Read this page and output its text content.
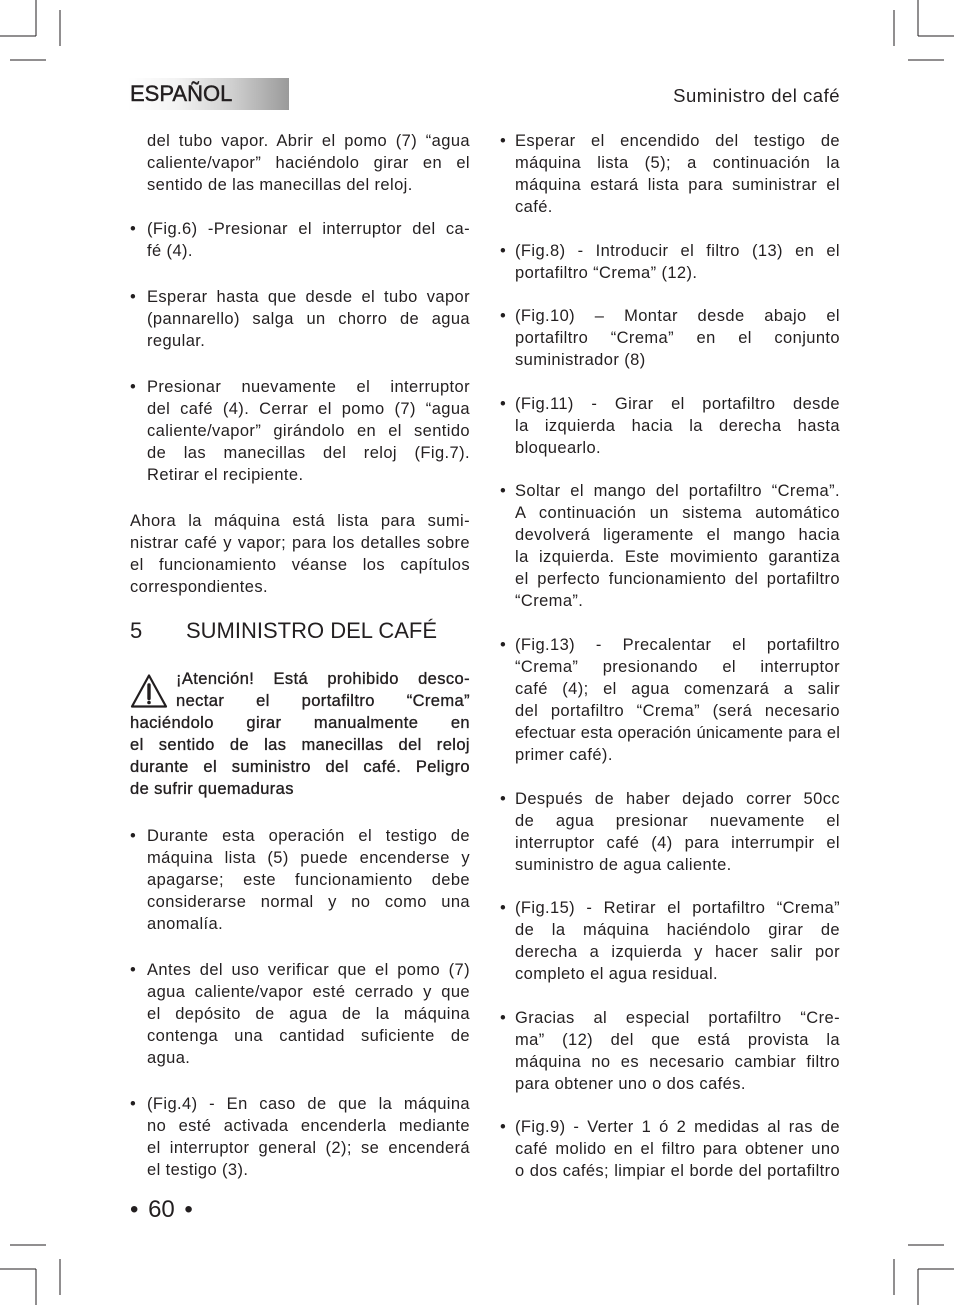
ESPAÑOL	Suministro del café
del tubo vapor. Abrir el pomo (7) “agua
caliente/vapor” haciéndolo girar en el
sentido de las manecillas del reloj.
• (Fig.6) -Presionar el interruptor del ca-
fé (4).
• Esperar hasta que desde el tubo vapor
(pannarello) salga un chorro de agua
regular.
• Presionar nuevamente el interruptor
del café (4). Cerrar el pomo (7) “agua
caliente/vapor” girándolo en el sentido
de las manecillas del reloj (Fig.7).
Retirar el recipiente.
Ahora la máquina está lista para sumi-
nistrar café y vapor; para los detalles sobre
el funcionamiento véanse los capítulos
correspondientes.
5 SUMINISTRO DEL CAFÉ
¡Atención! Está prohibido desco-
nectar el portafiltro “Crema”
haciéndolo girar manualmente en
el sentido de las manecillas del reloj
durante el suministro del café. Peligro
de sufrir quemaduras
• Durante esta operación el testigo de
máquina lista (5) puede encenderse y
apagarse; este funcionamiento debe
considerarse normal y no como una
anomalía.
• Antes del uso verificar que el pomo (7)
agua caliente/vapor esté cerrado y que
el depósito de agua de la máquina
contenga una cantidad suficiente de
agua.
• (Fig.4) - En caso de que la máquina
no esté activada encenderla mediante
el interruptor general (2); se encenderá
el testigo (3).
• Esperar el encendido del testigo de
máquina lista (5); a continuación la
máquina estará lista para suministrar el
café.
• (Fig.8) - Introducir el filtro (13) en el
portafiltro “Crema” (12).
• (Fig.10) – Montar desde abajo el
portafiltro “Crema” en el conjunto
suministrador (8)
• (Fig.11) - Girar el portafiltro desde
la izquierda hacia la derecha hasta
bloquearlo.
• Soltar el mango del portafiltro “Crema”.
A continuación un sistema automático
devolverá ligeramente el mango hacia
la izquierda. Este movimiento garantiza
el perfecto funcionamiento del portafiltro
“Crema”.
• (Fig.13) - Precalentar el portafiltro
“Crema” presionando el interruptor
café (4); el agua comenzará a salir
del portafiltro “Crema” (será necesario
efectuar esta operación únicamente para el
primer café).
• Después de haber dejado correr 50cc
de agua presionar nuevamente el
interruptor café (4) para interrumpir el
suministro de agua caliente.
• (Fig.15) - Retirar el portafiltro “Crema”
de la máquina haciéndolo girar de
derecha a izquierda y hacer salir por
completo el agua residual.
• Gracias al especial portafiltro “Cre-
ma” (12) del que está provista la
máquina no es necesario cambiar filtro
para obtener uno o dos cafés.
• (Fig.9) - Verter 1 ó 2 medidas al ras de
café molido en el filtro para obtener uno
o dos cafés; limpiar el borde del portafiltro
• 60 •
